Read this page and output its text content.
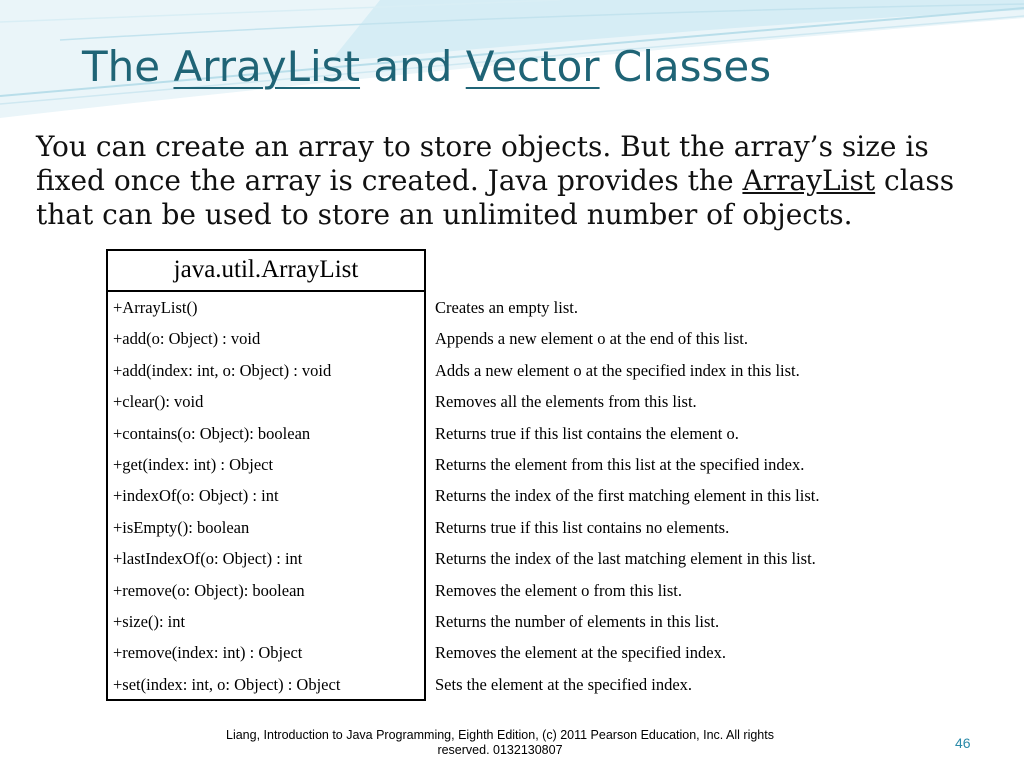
The ArrayList and Vector Classes

You can create an array to store objects. But the array’s size is fixed once the array is created. Java provides the ArrayList class that can be used to store an unlimited number of objects.

java.util.ArrayList
+ArrayList()
+add(o: Object) : void
+add(index: int, o: Object) : void
+clear(): void
+contains(o: Object): boolean
+get(index: int) : Object
+indexOf(o: Object) : int
+isEmpty(): boolean
+lastIndexOf(o: Object) : int
+remove(o: Object): boolean
+size(): int
+remove(index: int) : Object
+set(index: int, o: Object) : Object
Creates an empty list.
Appends a new element o at the end of this list.
Adds a new element o at the specified index in this list.
Removes all the elements from this list.
Returns true if this list contains the element o.
Returns the element from this list at the specified index.
Returns the index of the first matching element in this list.
Returns true if this list contains no elements.
Returns the index of the last matching element in this list.
Removes the element o from this list.
Returns the number of elements in this list.
Removes the element at the specified index.
Sets the element at the specified index.
Liang, Introduction to Java Programming, Eighth Edition, (c) 2011 Pearson Education, Inc. All rights reserved. 0132130807	46
